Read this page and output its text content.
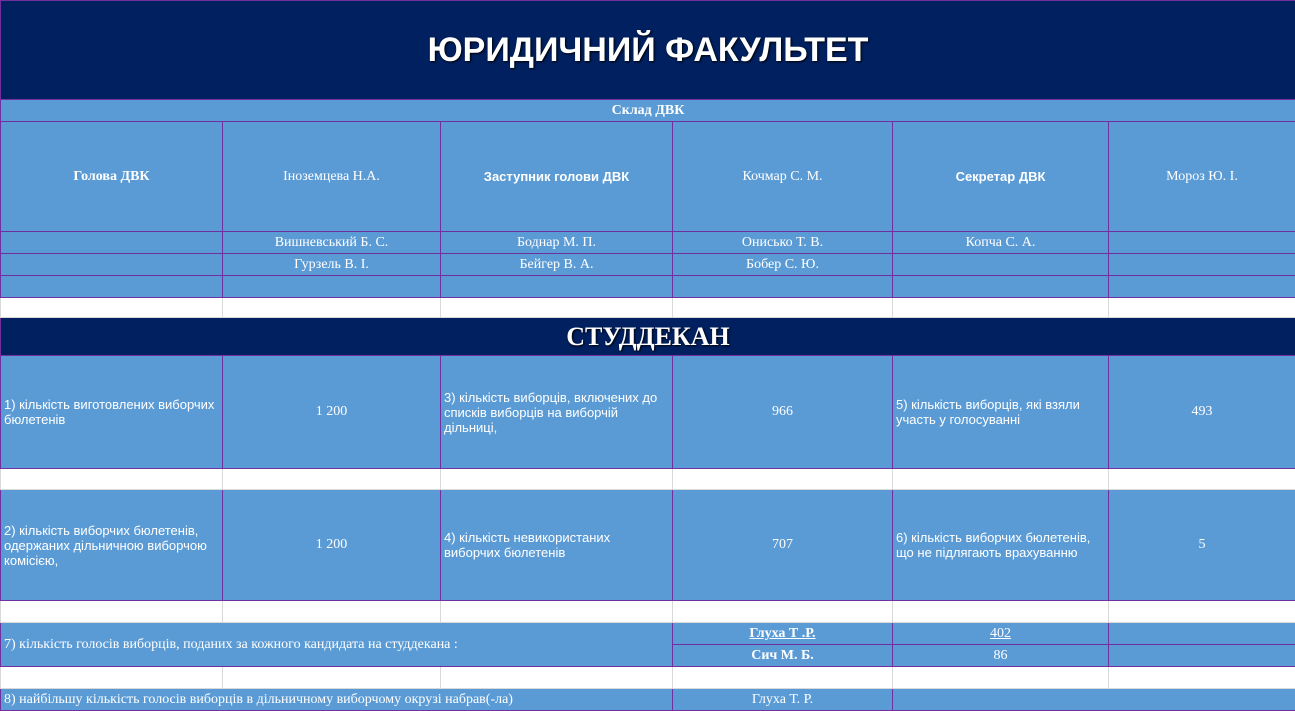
ЮРИДИЧНИЙ ФАКУЛЬТЕТ					
Склад ДВК					
Голова ДВК	Іноземцева Н.А.	Заступник голови ДВК	Кочмар С. М.	Секретар ДВК	Мороз Ю. І.
	Вишневський Б. С.	Боднар М. П.	Онисько Т. В.	Копча С. А.	
	Гурзель В. І.	Бейгер В. А.	Бобер С. Ю.		

СТУДДЕКАН					
1) кількість виготовлених виборчих бюлетенів	1 200	3) кількість виборців, включених до списків виборців на виборчій дільниці,	966	5) кількість виборців, які взяли участь у голосуванні	493

2) кількість виборчих бюлетенів, одержаних дільничною виборчою комісією,	1 200	4) кількість невикористаних виборчих бюлетенів	707	6) кількість виборчих бюлетенів, що не підлягають врахуванню	5

7) кількість голосів виборців, поданих за кожного кандидата на студдекана :			Глуха Т .Р.	402	
			Сич М. Б.	86	

8) найбільшу кількість голосів виборців в дільничному виборчому окрузі набрав(-ла)			Глуха Т. Р.		
